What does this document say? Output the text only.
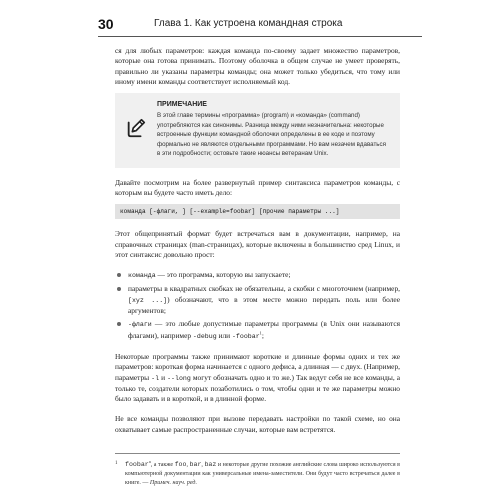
30	Глава 1. Как устроена командная строка

ся для любых параметров: каждая команда по-своему задает множество параметров, которые она готова принимать. Поэтому оболочка в общем случае не умеет проверять, правильно ли указаны параметры команды; она может только убедиться, что тому или иному имени команды соответствует исполняемый код.

ПРИМЕЧАНИЕ
В этой главе термины «программа» (program) и «команда» (command) употребляются как синонимы. Разница между ними незначительна: некоторые встроенные функции командной оболочки определены в ее коде и поэтому формально не являются отдельными программами. Но вам незачем вдаваться в эти подробности; остовьте такие нюансы ветеранам Unix.

Давайте посмотрим на более развернутый пример синтаксиса параметров команды, с которым вы будете часто иметь дело:

команда [-флаги, ] [--example=foobar] [прочие параметры ...]

Этот общепринятый формат будет встречаться вам в документации, например, на справочных страницах (man-страницах), которые включены в большинство сред Linux, и этот синтаксис довольно прост:

команда — это программа, которую вы запускаете;
параметры в квадратных скобках не обязательны, а скобки с многоточием (например, [xyz ...]) обозначают, что в этом месте можно передать поль или более аргументов;
-флаги — это любые допустимые параметры программы (в Unix они называются флагами), например -debug или -foobar$^1$;

Некоторые программы также принимают короткие и длинные формы одних и тех же параметров: короткая форма начинается с одного дефиса, а длинная — с двух. (Например, параметры -l и --long могут обозначать одно и то же.) Так ведут себя не все команды, а только те, создатели которых позаботились о том, чтобы одни и те же параметры можно было задавать и в короткой, и в длинной форме.

Не все команды позволяют при вызове передавать настройки по такой схеме, но она охватывает самые распространенные случаи, которые вам встретятся.

1 foobar$^a$, а также foo, bar, baz и некоторые другие похожие английские слова широко используются в компьютерной документации как универсальные имена-заместители. Они будут часто встречаться далее в книге. — Примеч. науч. ред.
